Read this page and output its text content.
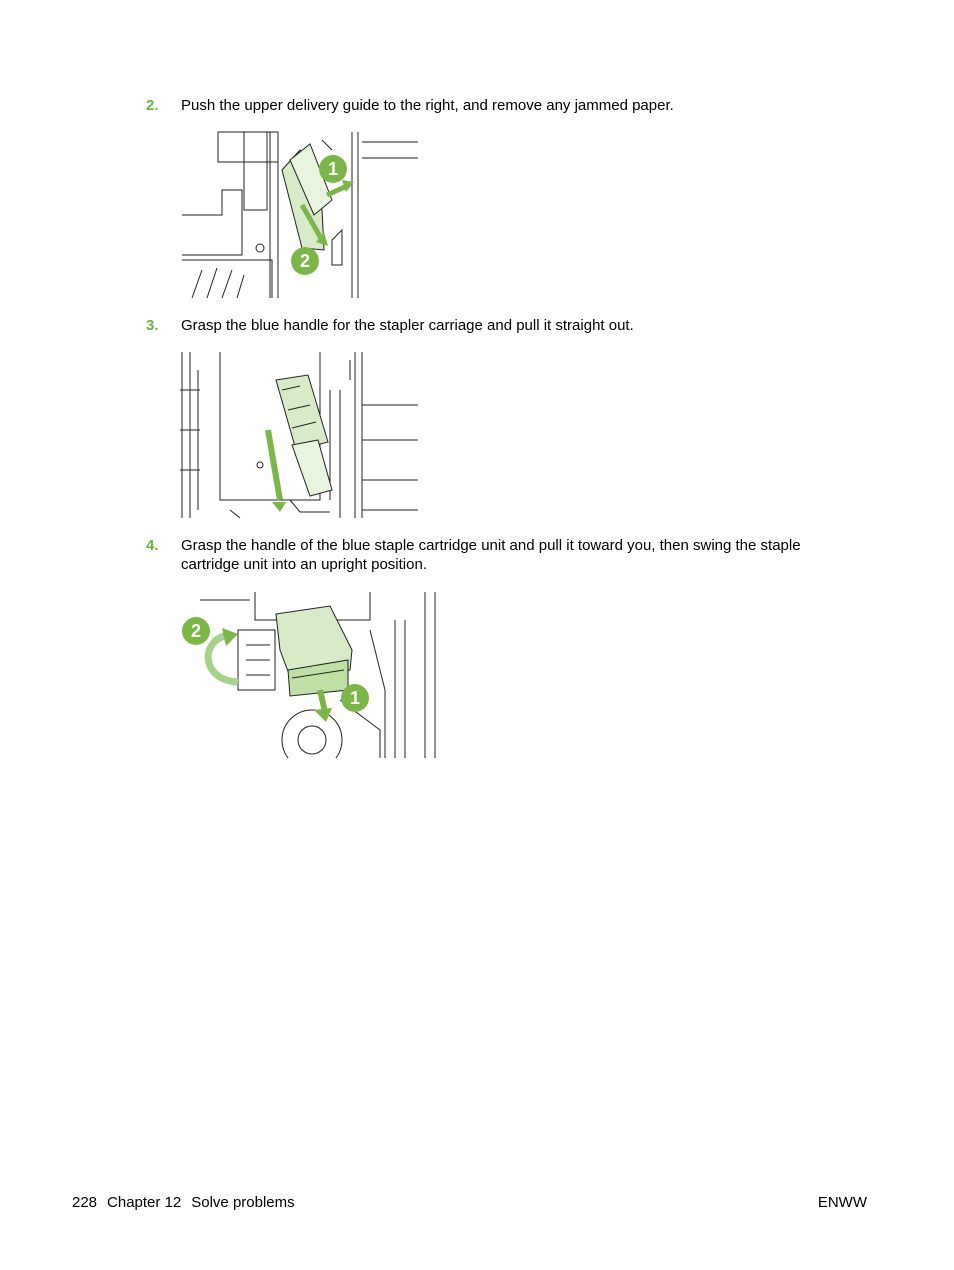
2. Push the upper delivery guide to the right, and remove any jammed paper.
1
2
3. Grasp the blue handle for the stapler carriage and pull it straight out.
4. Grasp the handle of the blue staple cartridge unit and pull it toward you, then swing the staple cartridge unit into an upright position.
2
1
228 Chapter 12 Solve problems	ENWW
